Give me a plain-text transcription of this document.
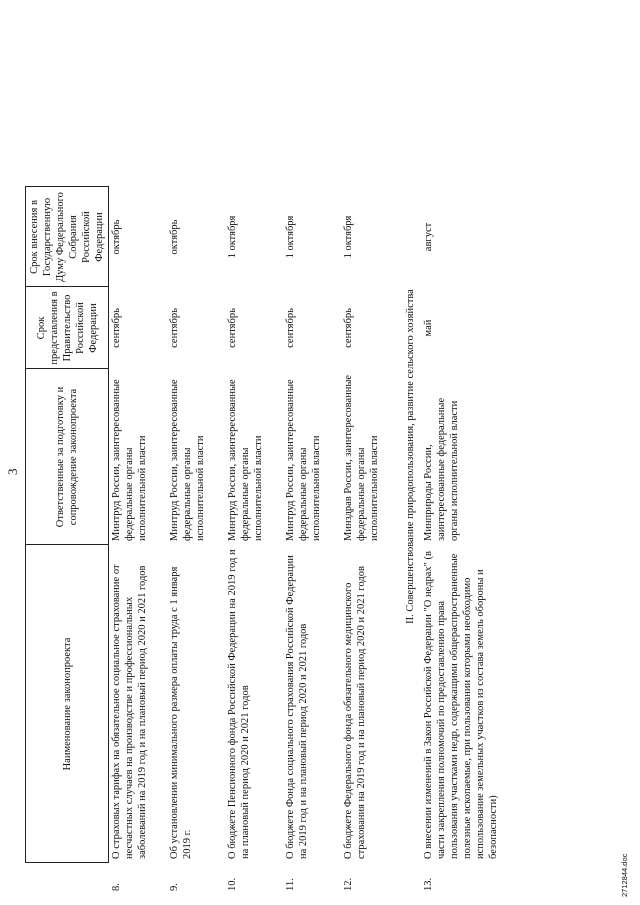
3
	Наименование законопроекта	Ответственные за подготовку и сопровождение законопроекта	Срок представления в Правительство Российской Федерации	Срок внесения в Государственную Думу Федерального Собрания Российской Федерации	
8.	О страховых тарифах на обязательное социальное страхование от несчастных случаев на производстве и профессиональных заболеваний на 2019 год и на плановый период 2020 и 2021 годов	Минтруд России, заинтересованные федеральные органы исполнительной власти	сентябрь	октябрь	
9.	Об установлении минимального размера оплаты труда с 1 января 2019 г.	Минтруд России, заинтересованные федеральные органы исполнительной власти	сентябрь	октябрь	
10.	О бюджете Пенсионного фонда Российской Федерации на 2019 год и на плановый период 2020 и 2021 годов	Минтруд России, заинтересованные федеральные органы исполнительной власти	сентябрь	1 октября	
11.	О бюджете Фонда социального страхования Российской Федерации на 2019 год и на плановый период 2020 и 2021 годов	Минтруд России, заинтересованные федеральные органы исполнительной власти	сентябрь	1 октября	
12.	О бюджете Федерального фонда обязательного медицинского страхования на 2019 год и на плановый период 2020 и 2021 годов	Минздрав России, заинтересованные федеральные органы исполнительной власти	сентябрь	1 октября	
II. Совершенствование природопользования, развитие сельского хозяйства					
13.	О внесении изменений в Закон Российской Федерации "О недрах" (в части закрепления полномочий по предоставлению права пользования участками недр, содержащими общераспространенные полезные ископаемые, при пользовании которыми необходимо использование земельных участков из состава земель обороны и безопасности)	Минприроды России, заинтересованные федеральные органы исполнительной власти	май	август	
2712844.doc
